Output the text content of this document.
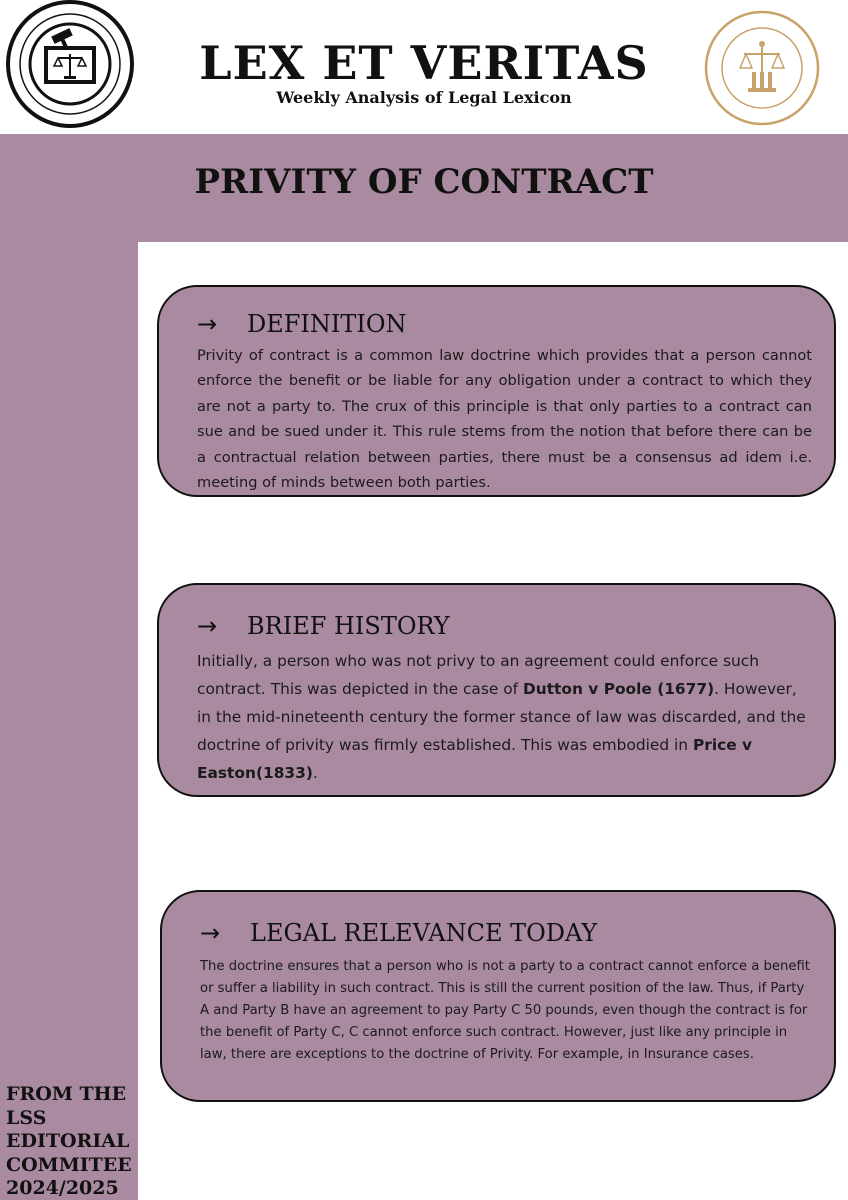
LEX ET VERITAS
Weekly Analysis of Legal Lexicon
PRIVITY OF CONTRACT
→	DEFINITION

Privity of contract is a common law doctrine which provides that a person cannot enforce the benefit or be liable for any obligation under a contract to which they are not a party to. The crux of this principle is that only parties to a contract can sue and be sued under it. This rule stems from the notion that before there can be a contractual relation between parties, there must be a consensus ad idem i.e. meeting of minds between both parties.

→	BRIEF HISTORY

Initially, a person who was not privy to an agreement could enforce such contract. This was depicted in the case of Dutton v Poole (1677). However, in the mid-nineteenth century the former stance of law was discarded, and the doctrine of privity was firmly established. This was embodied in Price v Easton(1833).

→	LEGAL RELEVANCE TODAY

The doctrine ensures that a person who is not a party to a contract cannot enforce a benefit or suffer a liability in such contract. This is still the current position of the law. Thus, if Party A and Party B have an agreement to pay Party C 50 pounds, even though the contract is for the benefit of Party C, C cannot enforce such contract. However, just like any principle in law, there are exceptions to the doctrine of Privity. For example, in Insurance cases.

FROM THE
LSS
EDITORIAL
COMMITEE
2024/2025
